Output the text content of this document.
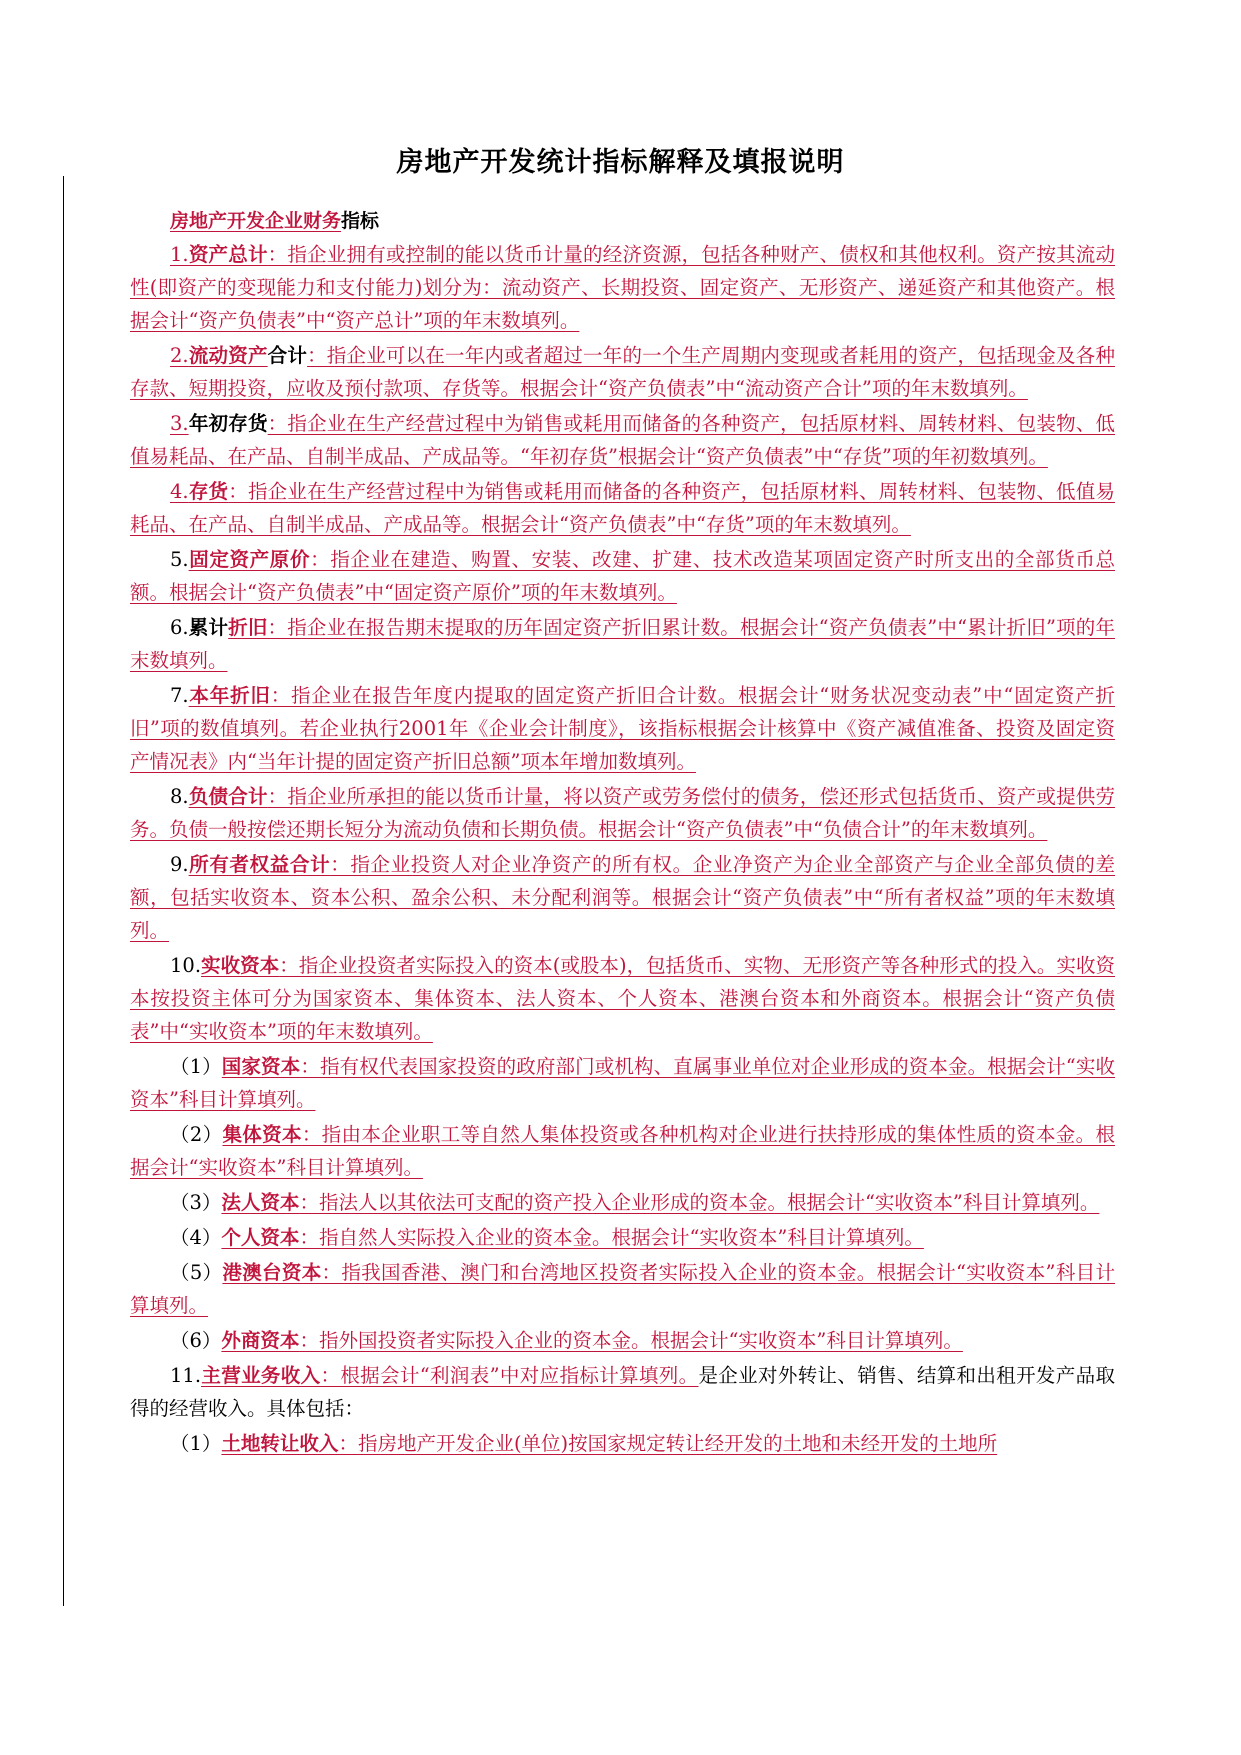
房地产开发统计指标解释及填报说明
房地产开发企业财务指标

1.资产总计：指企业拥有或控制的能以货币计量的经济资源，包括各种财产、债权和其他权利。资产按其流动性(即资产的变现能力和支付能力)划分为：流动资产、长期投资、固定资产、无形资产、递延资产和其他资产。根据会计“资产负债表”中“资产总计”项的年末数填列。

2.流动资产合计：指企业可以在一年内或者超过一年的一个生产周期内变现或者耗用的资产，包括现金及各种存款、短期投资，应收及预付款项、存货等。根据会计“资产负债表”中“流动资产合计”项的年末数填列。

3.年初存货：指企业在生产经营过程中为销售或耗用而储备的各种资产，包括原材料、周转材料、包装物、低值易耗品、在产品、自制半成品、产成品等。“年初存货”根据会计“资产负债表”中“存货”项的年初数填列。

4.存货：指企业在生产经营过程中为销售或耗用而储备的各种资产，包括原材料、周转材料、包装物、低值易耗品、在产品、自制半成品、产成品等。根据会计“资产负债表”中“存货”项的年末数填列。

5.固定资产原价：指企业在建造、购置、安装、改建、扩建、技术改造某项固定资产时所支出的全部货币总额。根据会计“资产负债表”中“固定资产原价”项的年末数填列。

6.累计折旧：指企业在报告期末提取的历年固定资产折旧累计数。根据会计“资产负债表”中“累计折旧”项的年末数填列。

7.本年折旧：指企业在报告年度内提取的固定资产折旧合计数。根据会计“财务状况变动表”中“固定资产折旧”项的数值填列。若企业执行2001年《企业会计制度》，该指标根据会计核算中《资产减值准备、投资及固定资产情况表》内“当年计提的固定资产折旧总额”项本年增加数填列。

8.负债合计：指企业所承担的能以货币计量，将以资产或劳务偿付的债务，偿还形式包括货币、资产或提供劳务。负债一般按偿还期长短分为流动负债和长期负债。根据会计“资产负债表”中“负债合计”的年末数填列。

9.所有者权益合计：指企业投资人对企业净资产的所有权。企业净资产为企业全部资产与企业全部负债的差额，包括实收资本、资本公积、盈余公积、未分配利润等。根据会计“资产负债表”中“所有者权益”项的年末数填列。

10.实收资本：指企业投资者实际投入的资本(或股本)，包括货币、实物、无形资产等各种形式的投入。实收资本按投资主体可分为国家资本、集体资本、法人资本、个人资本、港澳台资本和外商资本。根据会计“资产负债表”中“实收资本”项的年末数填列。

（1）国家资本：指有权代表国家投资的政府部门或机构、直属事业单位对企业形成的资本金。根据会计“实收资本”科目计算填列。

（2）集体资本：指由本企业职工等自然人集体投资或各种机构对企业进行扶持形成的集体性质的资本金。根据会计“实收资本”科目计算填列。

（3）法人资本：指法人以其依法可支配的资产投入企业形成的资本金。根据会计“实收资本”科目计算填列。

（4）个人资本：指自然人实际投入企业的资本金。根据会计“实收资本”科目计算填列。

（5）港澳台资本：指我国香港、澳门和台湾地区投资者实际投入企业的资本金。根据会计“实收资本”科目计算填列。

（6）外商资本：指外国投资者实际投入企业的资本金。根据会计“实收资本”科目计算填列。

11.主营业务收入：根据会计“利润表”中对应指标计算填列。是企业对外转让、销售、结算和出租开发产品取得的经营收入。具体包括：

（1）土地转让收入：指房地产开发企业(单位)按国家规定转让经开发的土地和未经开发的土地所
